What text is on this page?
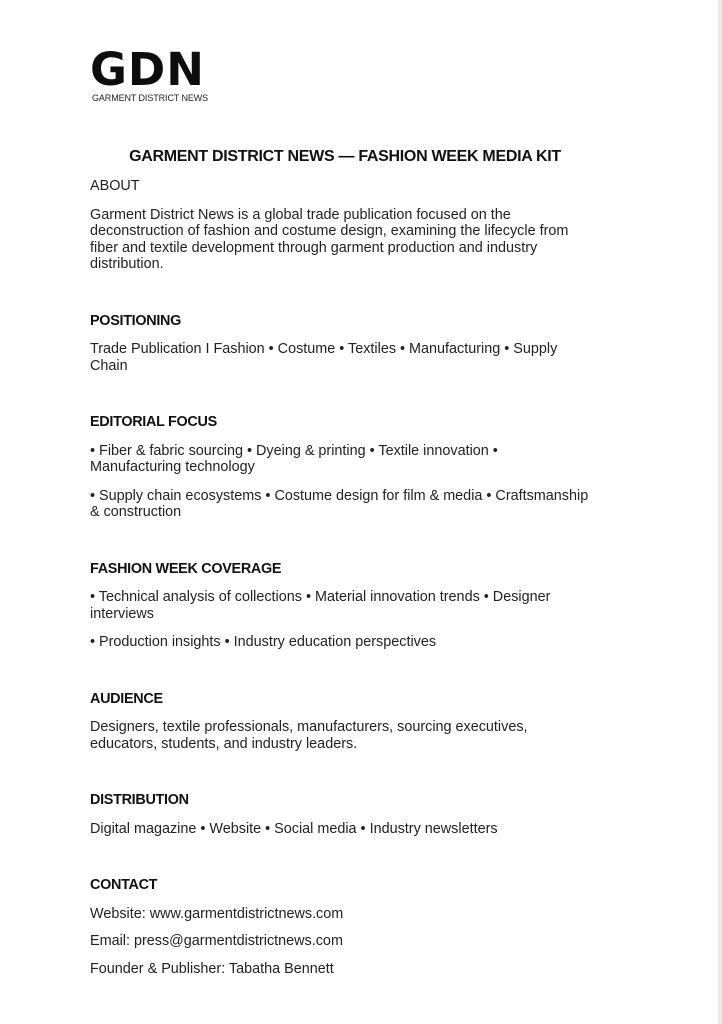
GDN
GARMENT DISTRICT NEWS
GARMENT DISTRICT NEWS — FASHION WEEK MEDIA KIT
ABOUT

Garment District News is a global trade publication focused on the deconstruction of fashion and costume design, examining the lifecycle from fiber and textile development through garment production and industry distribution.

POSITIONING

Trade Publication I Fashion • Costume • Textiles • Manufacturing • Supply Chain

EDITORIAL FOCUS

• Fiber & fabric sourcing • Dyeing & printing • Textile innovation • Manufacturing technology

• Supply chain ecosystems • Costume design for film & media • Craftsmanship & construction

FASHION WEEK COVERAGE

• Technical analysis of collections • Material innovation trends • Designer interviews

• Production insights • Industry education perspectives

AUDIENCE

Designers, textile professionals, manufacturers, sourcing executives, educators, students, and industry leaders.

DISTRIBUTION

Digital magazine • Website • Social media • Industry newsletters

CONTACT

Website: www.garmentdistrictnews.com

Email: press@garmentdistrictnews.com

Founder & Publisher: Tabatha Bennett
